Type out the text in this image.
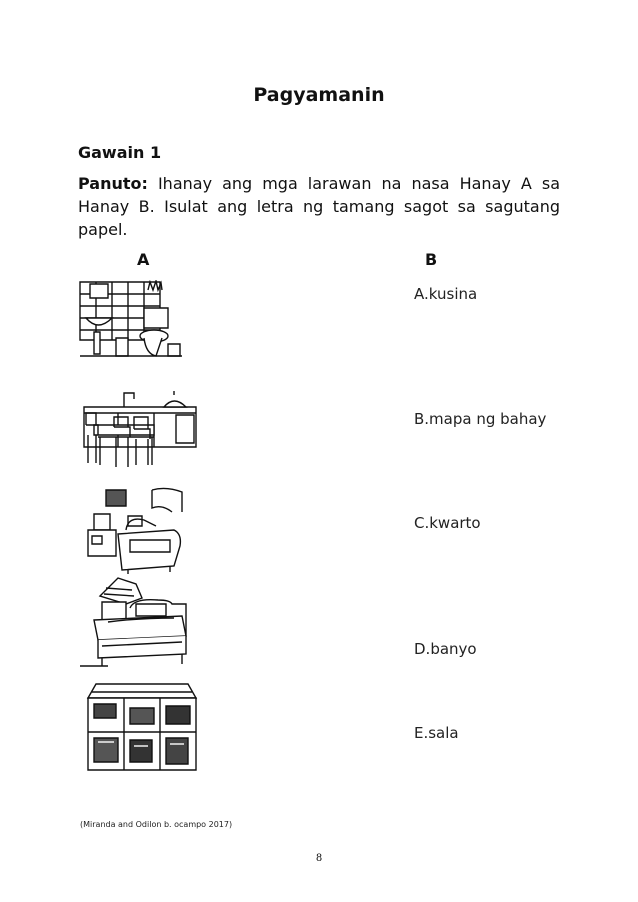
Pagyamanin
Gawain 1
Panuto: Ihanay ang mga larawan na nasa Hanay A sa Hanay B. Isulat ang letra ng tamang sagot sa sagutang papel.
A	B
A.kusina
B.mapa ng bahay
C.kwarto
D.banyo
E.sala
(Miranda and Odilon b. ocampo 2017)
8
